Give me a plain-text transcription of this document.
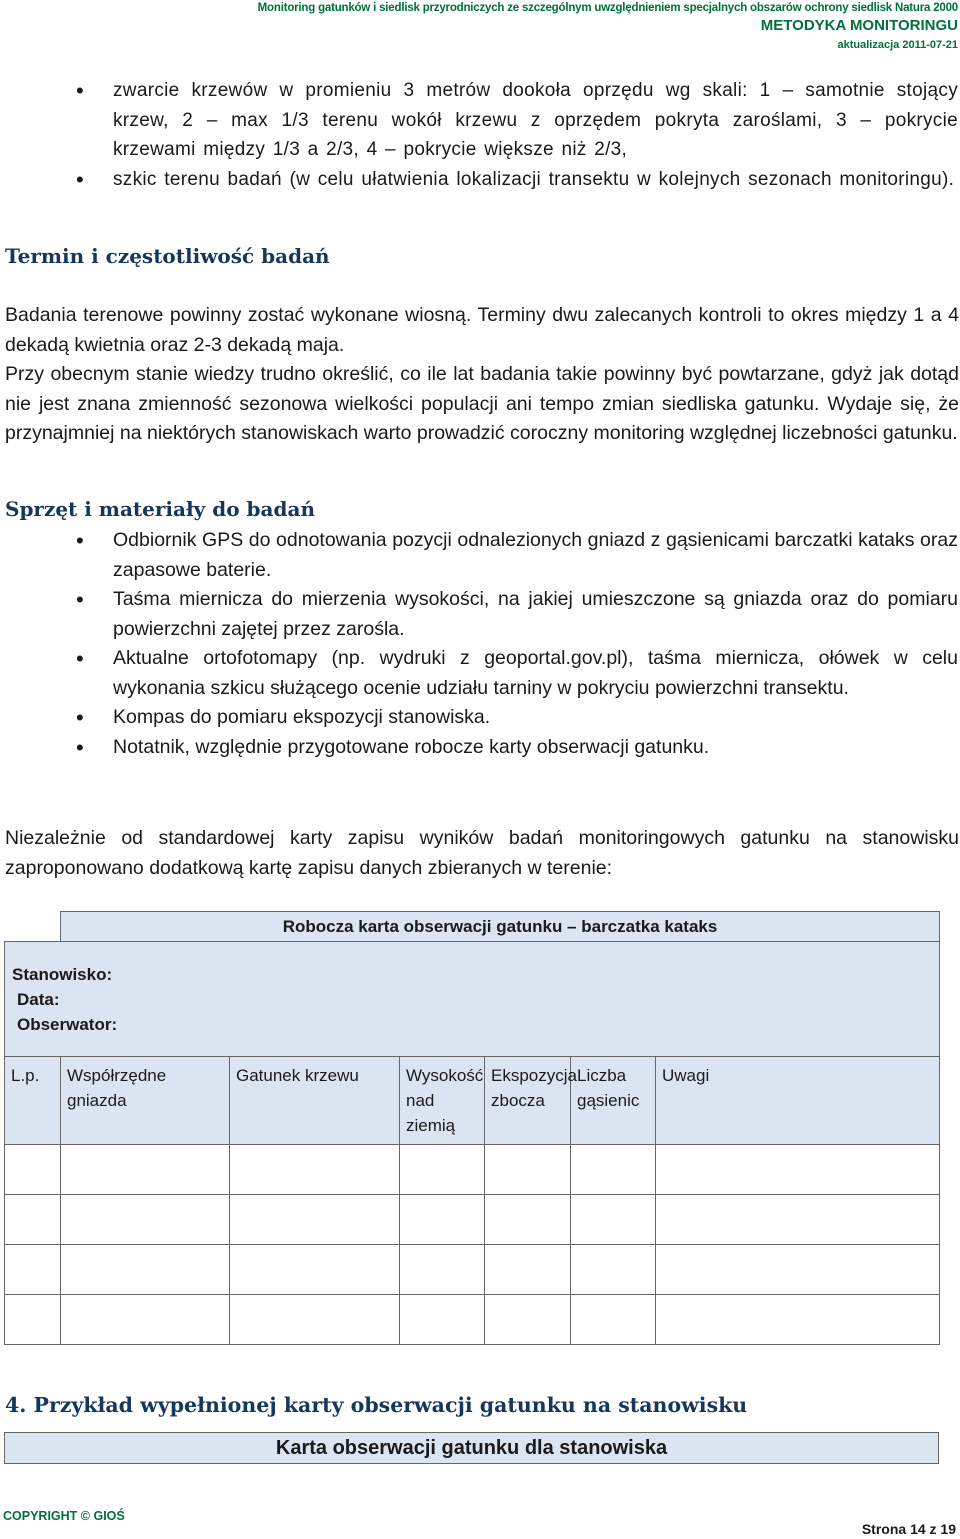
Monitoring gatunków i siedlisk przyrodniczych ze szczególnym uwzględnieniem specjalnych obszarów ochrony siedlisk Natura 2000
METODYKA MONITORINGU
aktualizacja 2011-07-21
• zwarcie krzewów w promieniu 3 metrów dookoła oprzędu wg skali: 1 – samotnie stojący krzew, 2 – max 1/3 terenu wokół krzewu z oprzędem pokryta zaroślami, 3 – pokrycie krzewami między 1/3 a 2/3, 4 – pokrycie większe niż 2/3,
• szkic terenu badań (w celu ułatwienia lokalizacji transektu w kolejnych sezonach monitoringu).
Termin i częstotliwość badań
Badania terenowe powinny zostać wykonane wiosną. Terminy dwu zalecanych kontroli to okres między 1 a 4 dekadą kwietnia oraz 2-3 dekadą maja.
Przy obecnym stanie wiedzy trudno określić, co ile lat badania takie powinny być powtarzane, gdyż jak dotąd nie jest znana zmienność sezonowa wielkości populacji ani tempo zmian siedliska gatunku. Wydaje się, że przynajmniej na niektórych stanowiskach warto prowadzić coroczny monitoring względnej liczebności gatunku.
Sprzęt i materiały do badań
• Odbiornik GPS do odnotowania pozycji odnalezionych gniazd z gąsienicami barczatki kataks oraz zapasowe baterie.
• Taśma miernicza do mierzenia wysokości, na jakiej umieszczone są gniazda oraz do pomiaru powierzchni zajętej przez zarośla.
• Aktualne ortofotomapy (np. wydruki z geoportal.gov.pl), taśma miernicza, ołówek w celu wykonania szkicu służącego ocenie udziału tarniny w pokryciu powierzchni transektu.
• Kompas do pomiaru ekspozycji stanowiska.
• Notatnik, względnie przygotowane robocze karty obserwacji gatunku.
Niezależnie od standardowej karty zapisu wyników badań monitoringowych gatunku na stanowisku zaproponowano dodatkową kartę zapisu danych zbieranych w terenie:
	Robocza karta obserwacji gatunku – barczatka kataks					

Stanowisko:
Data:
Obserwator:						

L.p.	Współrzędne gniazda	Gatunek krzewu	Wysokość nad ziemią	Ekspozycja zbocza	Liczba gąsienic	Uwagi

4. Przykład wypełnionej karty obserwacji gatunku na stanowisku
Karta obserwacji gatunku dla stanowiska
COPYRIGHT © GIOŚ
Strona 14 z 19
